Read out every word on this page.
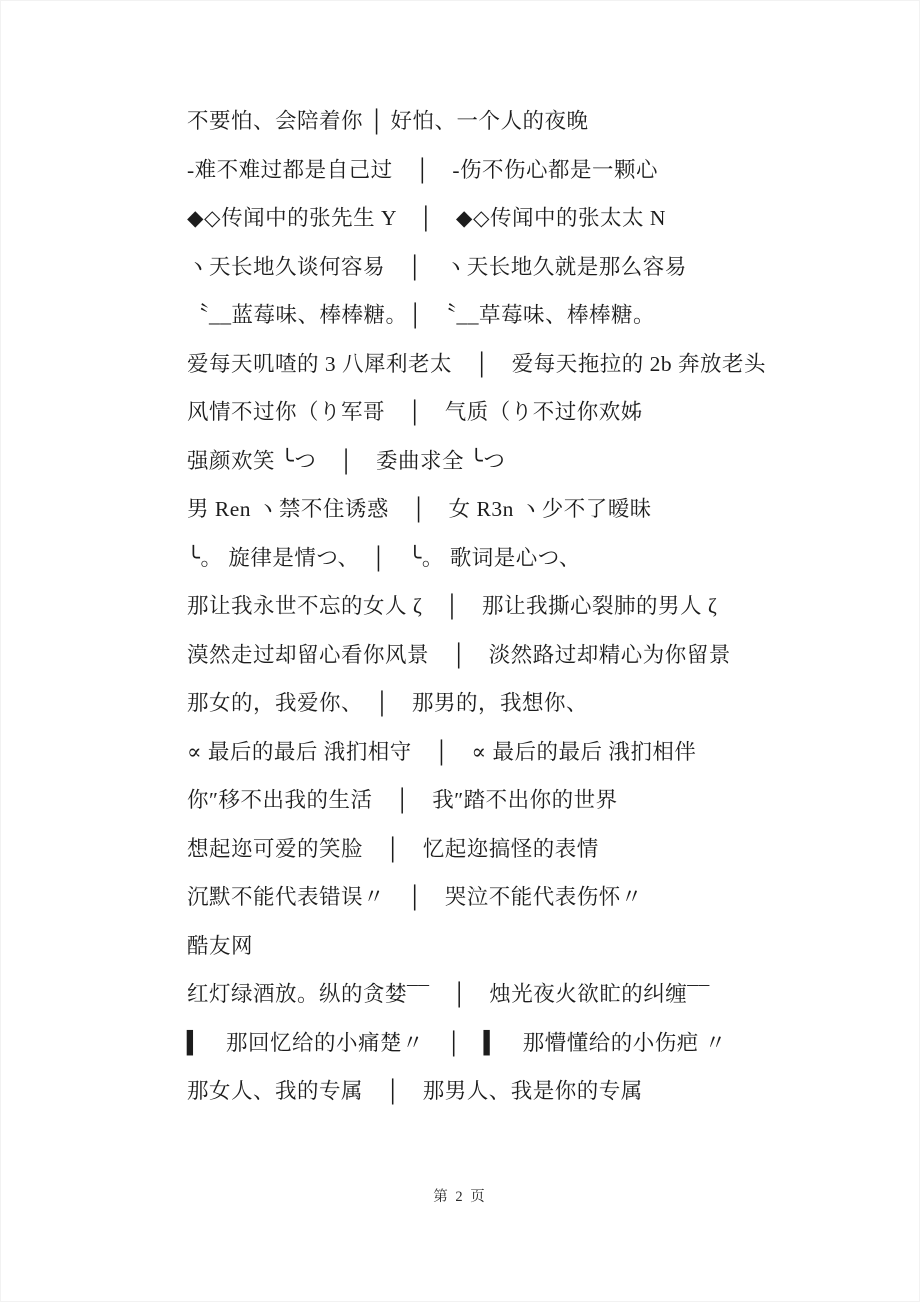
不要怕、会陪着你 │ 好怕、一个人的夜晚

-难不难过都是自己过　│　-伤不伤心都是一颗心

◆◇传闻中的张先生 Y　│　◆◇传闻中的张太太 N

ヽ天长地久谈何容易　│　ヽ天长地久就是那么容易

〝__蓝莓味、棒棒糖。│　〝__草莓味、棒棒糖。

爱每天叽喳的 3 八犀利老太　│　爱每天拖拉的 2b 奔放老头

风情不过你（り军哥　│　气质（り不过你欢姊

强颜欢笑 ╰つ　│　委曲求全 ╰つ

男 Ren ヽ禁不住诱惑　│　女 R3n ヽ少不了暧昧

╰。 旋律是情つ、　│　╰。 歌词是心つ、

那让我永世不忘的女人 ζ　│　那让我撕心裂肺的男人 ζ

漠然走过却留心看你风景　│　淡然路过却精心为你留景

那女的，我爱你、　│　那男的，我想你、

∝ 最后的最后 涐扪相守　│　∝ 最后的最后 涐扪相伴

你″移不出我的生活　│　我″踏不出你的世界

想起迩可爱的笑脸　│　忆起迩搞怪的表情

沉默不能代表错误〃　│　哭泣不能代表伤怀〃

酷友网

红灯绿酒放。纵的贪婪¯¯　│　烛光夜火欲盳的纠缠¯¯

▍　那回忆给的小痛楚〃　│　▍　那懵懂给的小伤疤 〃

那女人、我的专属　│　那男人、我是你的专属

第 2 页
